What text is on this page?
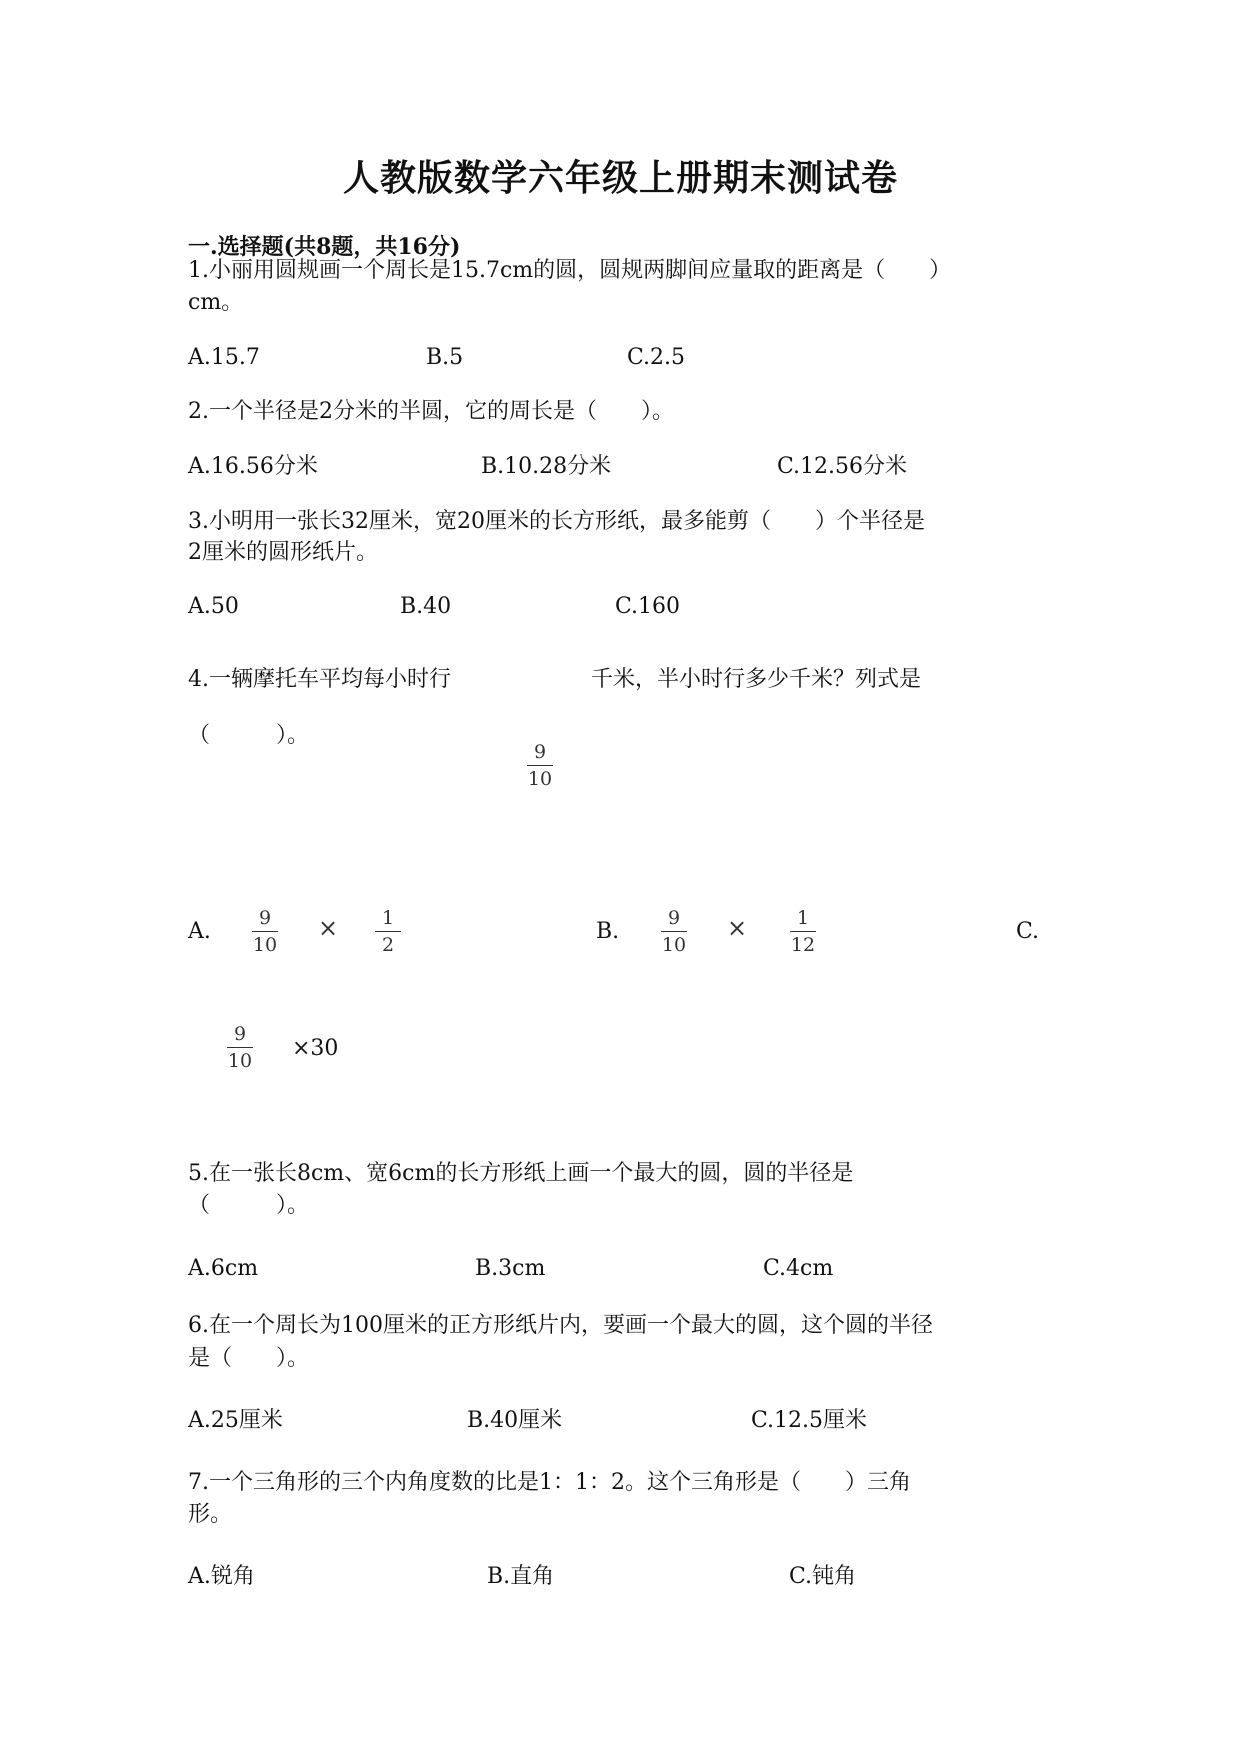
人教版数学六年级上册期末测试卷
一.选择题(共8题，共16分)
1.小丽用圆规画一个周长是15.7cm的圆，圆规两脚间应量取的距离是（　　）
cm。
A.15.7	B.5	C.2.5
2.一个半径是2分米的半圆，它的周长是（　　）。
A.16.56分米	B.10.28分米	C.12.56分米
3.小明用一张长32厘米，宽20厘米的长方形纸，最多能剪（　　）个半径是
2厘米的圆形纸片。
A.50	B.40	C.160
4.一辆摩托车平均每小时行
9
10
千米，半小时行多少千米？列式是
（　　　）。
A.
9
10
× 1
2
B.
9
10
×	1
12
C.
9
10 ×30
5.在一张长8cm、宽6cm的长方形纸上画一个最大的圆，圆的半径是
（　　　）。
A.6cm	B.3cm	C.4cm
6.在一个周长为100厘米的正方形纸片内，要画一个最大的圆，这个圆的半径
是（　　）。
A.25厘米	B.40厘米	C.12.5厘米
7.一个三角形的三个内角度数的比是1：1：2。这个三角形是（　　）三角
形。
A.锐角	B.直角	C.钝角
